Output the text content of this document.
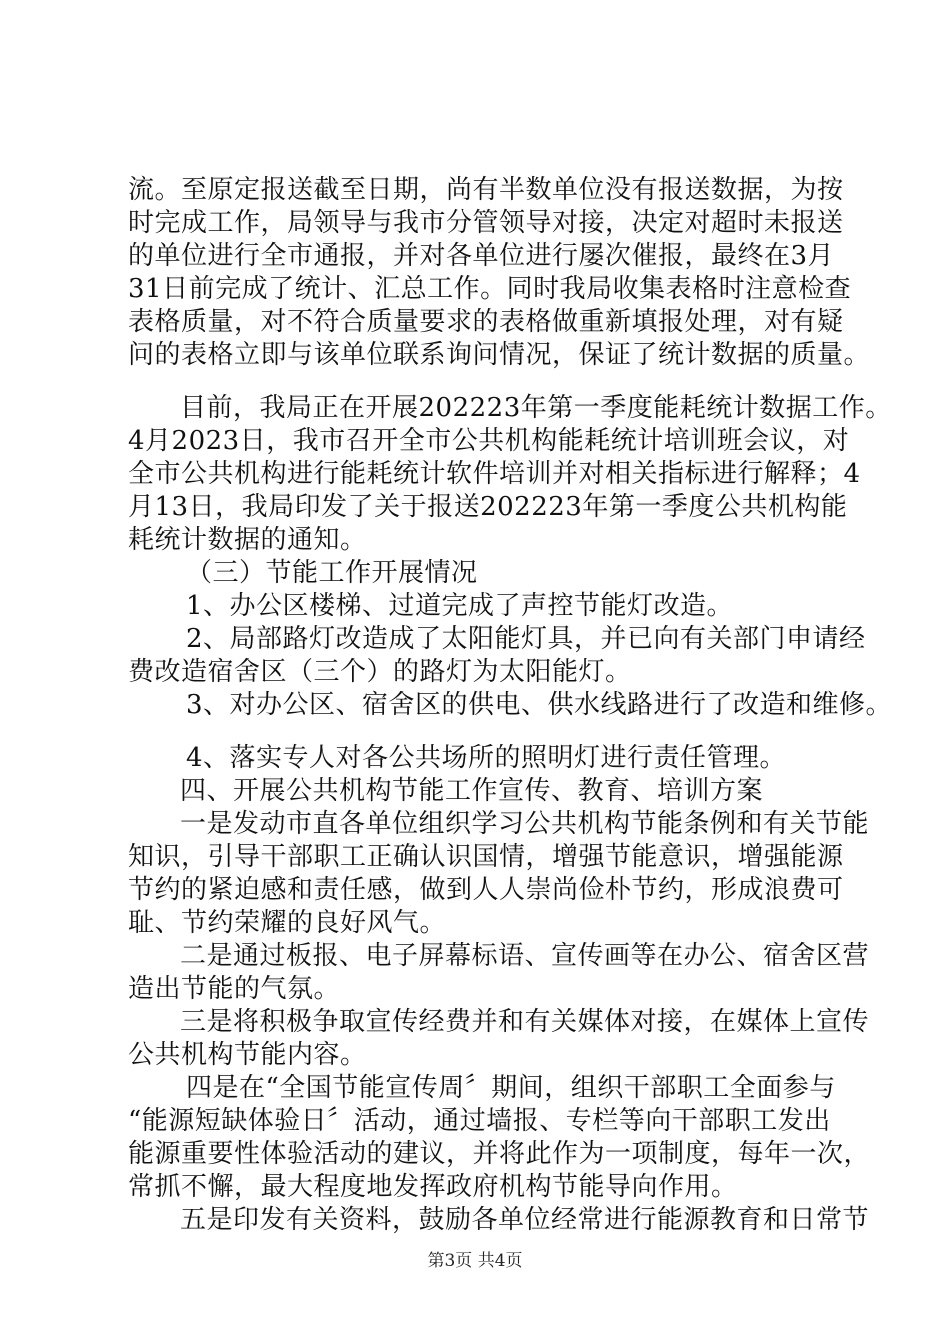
流。至原定报送截至日期，尚有半数单位没有报送数据，为按
时完成工作，局领导与我市分管领导对接，决定对超时未报送
的单位进行全市通报，并对各单位进行屡次催报，最终在3月
31日前完成了统计、汇总工作。同时我局收集表格时注意检查
表格质量，对不符合质量要求的表格做重新填报处理，对有疑
问的表格立即与该单位联系询问情况，保证了统计数据的质量。
目前，我局正在开展202223年第一季度能耗统计数据工作。
4月2023日，我市召开全市公共机构能耗统计培训班会议，对
全市公共机构进行能耗统计软件培训并对相关指标进行解释；4
月13日，我局印发了关于报送202223年第一季度公共机构能
耗统计数据的通知。
（三）节能工作开展情况
1、办公区楼梯、过道完成了声控节能灯改造。
2、局部路灯改造成了太阳能灯具，并已向有关部门申请经
费改造宿舍区（三个）的路灯为太阳能灯。
3、对办公区、宿舍区的供电、供水线路进行了改造和维修。
4、落实专人对各公共场所的照明灯进行责任管理。
四、开展公共机构节能工作宣传、教育、培训方案
一是发动市直各单位组织学习公共机构节能条例和有关节能
知识，引导干部职工正确认识国情，增强节能意识，增强能源
节约的紧迫感和责任感，做到人人崇尚俭朴节约，形成浪费可
耻、节约荣耀的良好风气。
二是通过板报、电子屏幕标语、宣传画等在办公、宿舍区营
造出节能的气氛。
三是将积极争取宣传经费并和有关媒体对接，在媒体上宣传
公共机构节能内容。
四是在“全国节能宣传周〞期间，组织干部职工全面参与
“能源短缺体验日〞活动，通过墙报、专栏等向干部职工发出
能源重要性体验活动的建议，并将此作为一项制度，每年一次，
常抓不懈，最大程度地发挥政府机构节能导向作用。
五是印发有关资料，鼓励各单位经常进行能源教育和日常节
第3页 共4页
